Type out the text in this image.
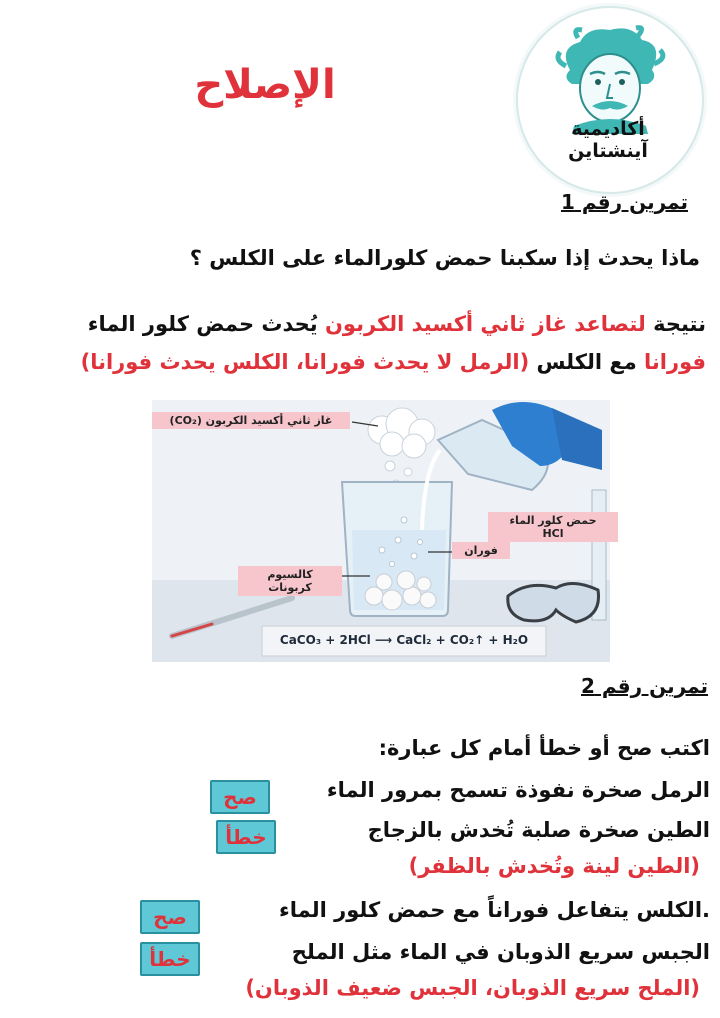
الإصلاح
أكاديمية آينشتاين
تمرين رقم 1
ماذا يحدث إذا سكبنا حمض كلورالماء على الكلس ؟
نتيجة لتصاعد غاز ثاني أكسيد الكربون يُحدث حمض كلور الماء
فورانا مع الكلس (الرمل لا يحدث فورانا، الكلس يحدث فورانا)
غاز ثاني أكسيد الكربون (CO₂)
حمض كلور الماء
HCl
فوران
كالسيوم كربونات
CaCO₃ + 2HCl ⟶ CaCl₂ + CO₂↑ + H₂O
تمرين رقم 2
اكتب صح أو خطأ أمام كل عبارة:
الرمل صخرة نفوذة تسمح بمرور الماء
صح
الطين صخرة صلبة تُخدش بالزجاج
خطأ
(الطين لينة وتُخدش بالظفر)
.الكلس يتفاعل فوراناً مع حمض كلور الماء
صح
الجبس سريع الذوبان في الماء مثل الملح
خطأ
(الملح سريع الذوبان، الجبس ضعيف الذوبان)
